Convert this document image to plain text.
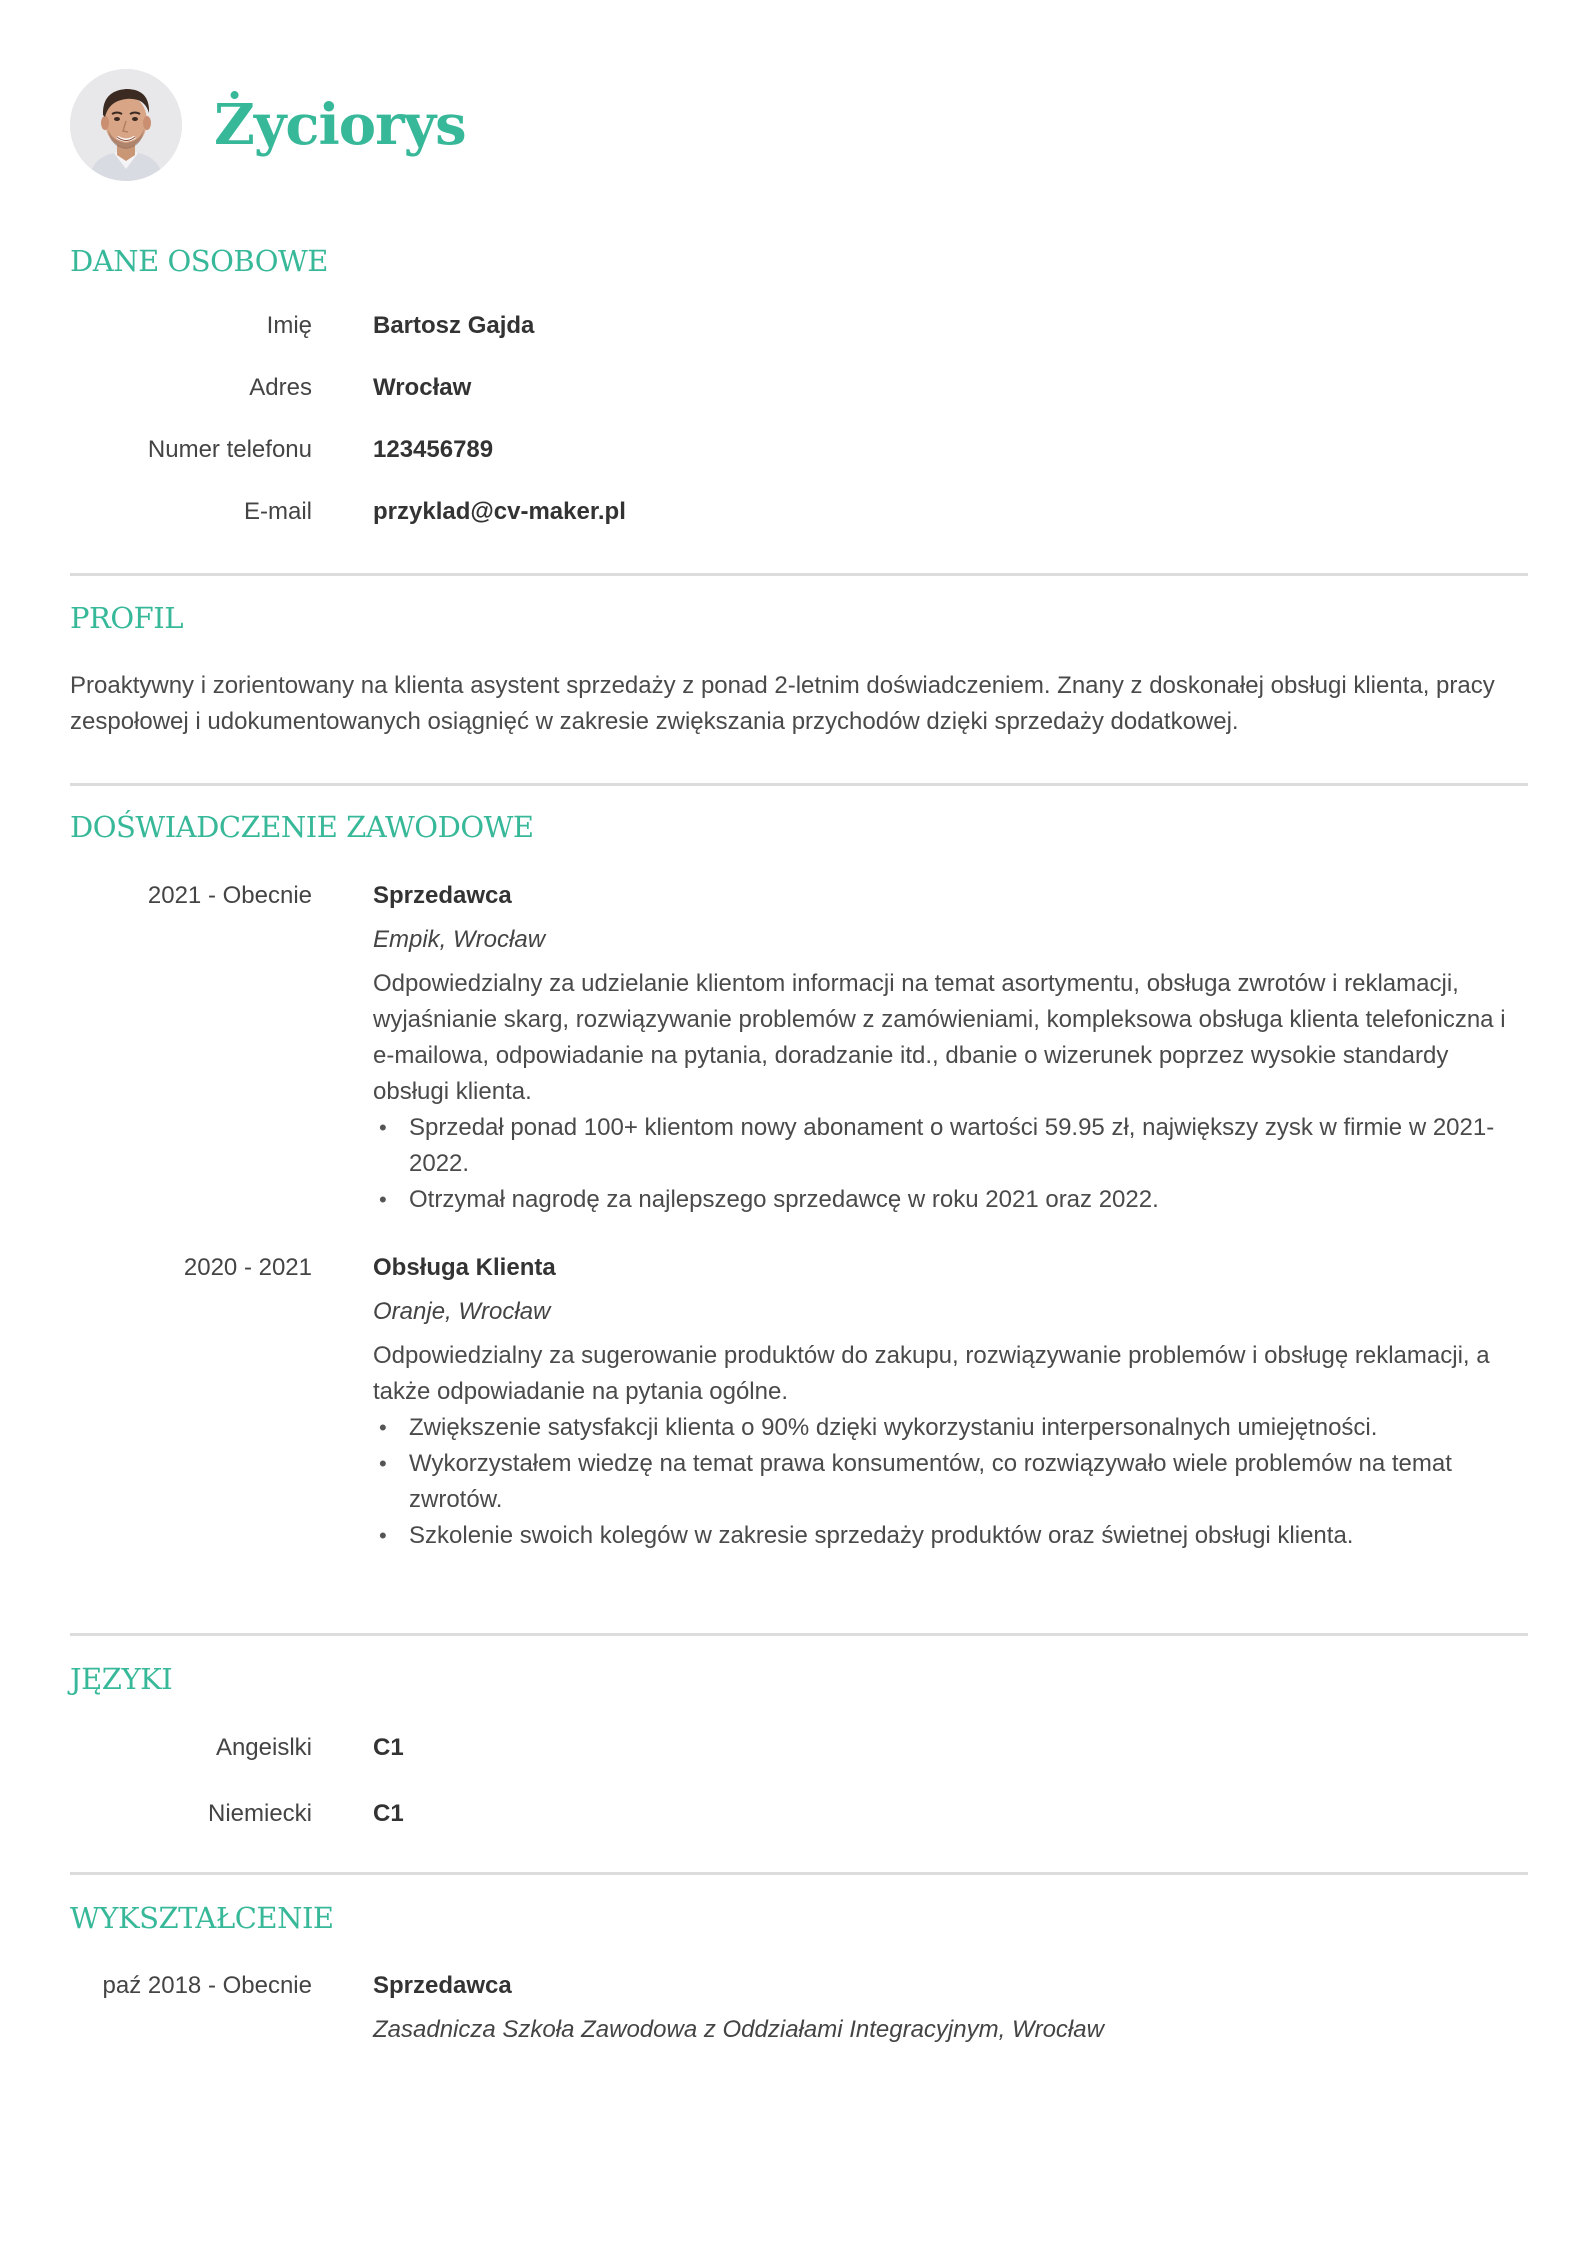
Życiorys
DANE OSOBOWE
Imię	Bartosz Gajda
Adres	Wrocław
Numer telefonu	123456789
E-mail	przyklad@cv-maker.pl
PROFIL
Proaktywny i zorientowany na klienta asystent sprzedaży z ponad 2-letnim doświadczeniem. Znany z doskonałej obsługi klienta, pracy zespołowej i udokumentowanych osiągnięć w zakresie zwiększania przychodów dzięki sprzedaży dodatkowej.
DOŚWIADCZENIE ZAWODOWE
2021 - Obecnie	Sprzedawca
Empik, Wrocław
Odpowiedzialny za udzielanie klientom informacji na temat asortymentu, obsługa zwrotów i reklamacji, wyjaśnianie skarg, rozwiązywanie problemów z zamówieniami, kompleksowa obsługa klienta telefoniczna i e-mailowa, odpowiadanie na pytania, doradzanie itd., dbanie o wizerunek poprzez wysokie standardy obsługi klienta.
• Sprzedał ponad 100+ klientom nowy abonament o wartości 59.95 zł, największy zysk w firmie w 2021-2022.
• Otrzymał nagrodę za najlepszego sprzedawcę w roku 2021 oraz 2022.
2020 - 2021	Obsługa Klienta
Oranje, Wrocław
Odpowiedzialny za sugerowanie produktów do zakupu, rozwiązywanie problemów i obsługę reklamacji, a także odpowiadanie na pytania ogólne.
• Zwiększenie satysfakcji klienta o 90% dzięki wykorzystaniu interpersonalnych umiejętności.
• Wykorzystałem wiedzę na temat prawa konsumentów, co rozwiązywało wiele problemów na temat zwrotów.
• Szkolenie swoich kolegów w zakresie sprzedaży produktów oraz świetnej obsługi klienta.
JĘZYKI
Angeislki	C1
Niemiecki	C1
WYKSZTAŁCENIE
paź 2018 - Obecnie	Sprzedawca
Zasadnicza Szkoła Zawodowa z Oddziałami Integracyjnym, Wrocław
